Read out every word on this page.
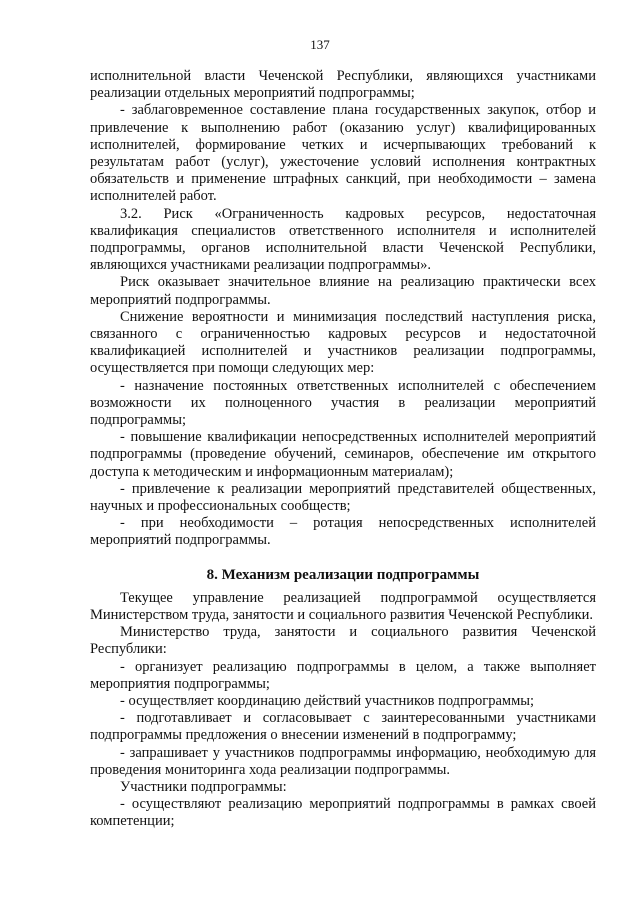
137

исполнительной власти Чеченской Республики, являющихся участниками реализации отдельных мероприятий подпрограммы;

- заблаговременное составление плана государственных закупок, отбор и привлечение к выполнению работ (оказанию услуг) квалифицированных исполнителей, формирование четких и исчерпывающих требований к результатам работ (услуг), ужесточение условий исполнения контрактных обязательств и применение штрафных санкций, при необходимости – замена исполнителей работ.

3.2. Риск «Ограниченность кадровых ресурсов, недостаточная квалификация специалистов ответственного исполнителя и исполнителей подпрограммы, органов исполнительной власти Чеченской Республики, являющихся участниками реализации подпрограммы».

Риск оказывает значительное влияние на реализацию практически всех мероприятий подпрограммы.

Снижение вероятности и минимизация последствий наступления риска, связанного с ограниченностью кадровых ресурсов и недостаточной квалификацией исполнителей и участников реализации подпрограммы, осуществляется при помощи следующих мер:

- назначение постоянных ответственных исполнителей с обеспечением возможности их полноценного участия в реализации мероприятий подпрограммы;

- повышение квалификации непосредственных исполнителей мероприятий подпрограммы (проведение обучений, семинаров, обеспечение им открытого доступа к методическим и информационным материалам);

- привлечение к реализации мероприятий представителей общественных, научных и профессиональных сообществ;

- при необходимости – ротация непосредственных исполнителей мероприятий подпрограммы.

8. Механизм реализации подпрограммы

Текущее управление реализацией подпрограммой осуществляется Министерством труда, занятости и социального развития Чеченской Республики.

Министерство труда, занятости и социального развития Чеченской Республики:

- организует реализацию подпрограммы в целом, а также выполняет мероприятия подпрограммы;

- осуществляет координацию действий участников подпрограммы;

- подготавливает и согласовывает с заинтересованными участниками подпрограммы предложения о внесении изменений в подпрограмму;

- запрашивает у участников подпрограммы информацию, необходимую для проведения мониторинга хода реализации подпрограммы.

Участники подпрограммы:

- осуществляют реализацию мероприятий подпрограммы в рамках своей компетенции;
